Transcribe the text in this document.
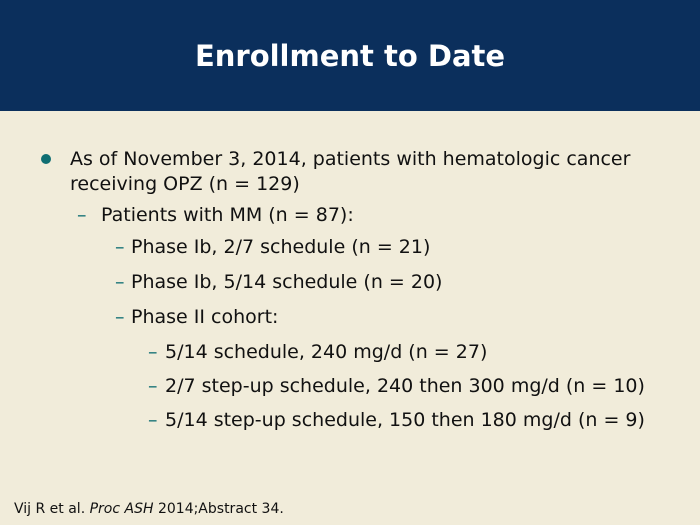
Enrollment to Date
As of November 3, 2014, patients with hematologic cancer
receiving OPZ (n = 129)
– Patients with MM (n = 87):
– Phase Ib, 2/7 schedule (n = 21)
– Phase Ib, 5/14 schedule (n = 20)
– Phase II cohort:
– 5/14 schedule, 240 mg/d (n = 27)
– 2/7 step-up schedule, 240 then 300 mg/d (n = 10)
– 5/14 step-up schedule, 150 then 180 mg/d (n = 9)
Vij R et al. Proc ASH 2014;Abstract 34.
